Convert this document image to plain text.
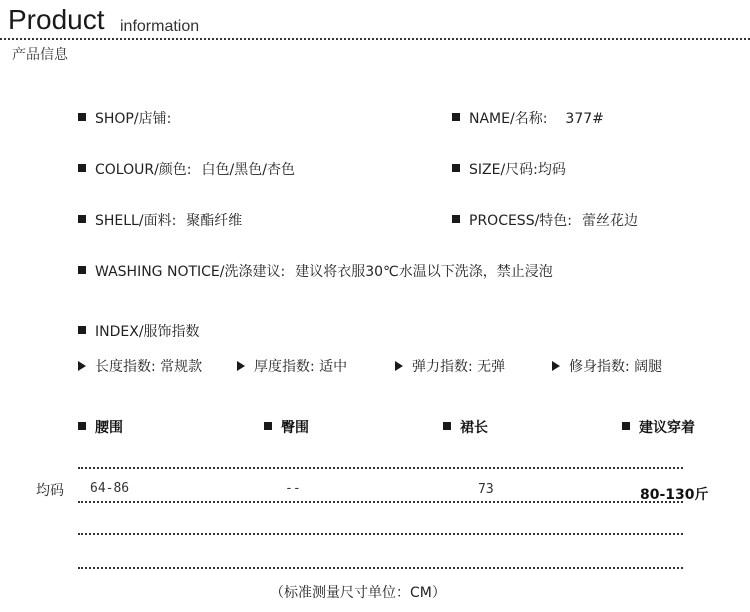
Product information
产品信息
SHOP/店铺:	NAME/名称: 377#
COLOUR/颜色: 白色/黑色/杏色	SIZE/尺码:均码
SHELL/面料: 聚酯纤维	PROCESS/特色: 蕾丝花边
WASHING NOTICE/洗涤建议: 建议将衣服30℃水温以下洗涤，禁止浸泡
INDEX/服饰指数
长度指数: 常规款	厚度指数: 适中	弹力指数: 无弹	修身指数: 阔腿
腰围	臀围	裙长	建议穿着
均码 64-86	--	73	80-130斤
（标准测量尺寸单位：CM）
